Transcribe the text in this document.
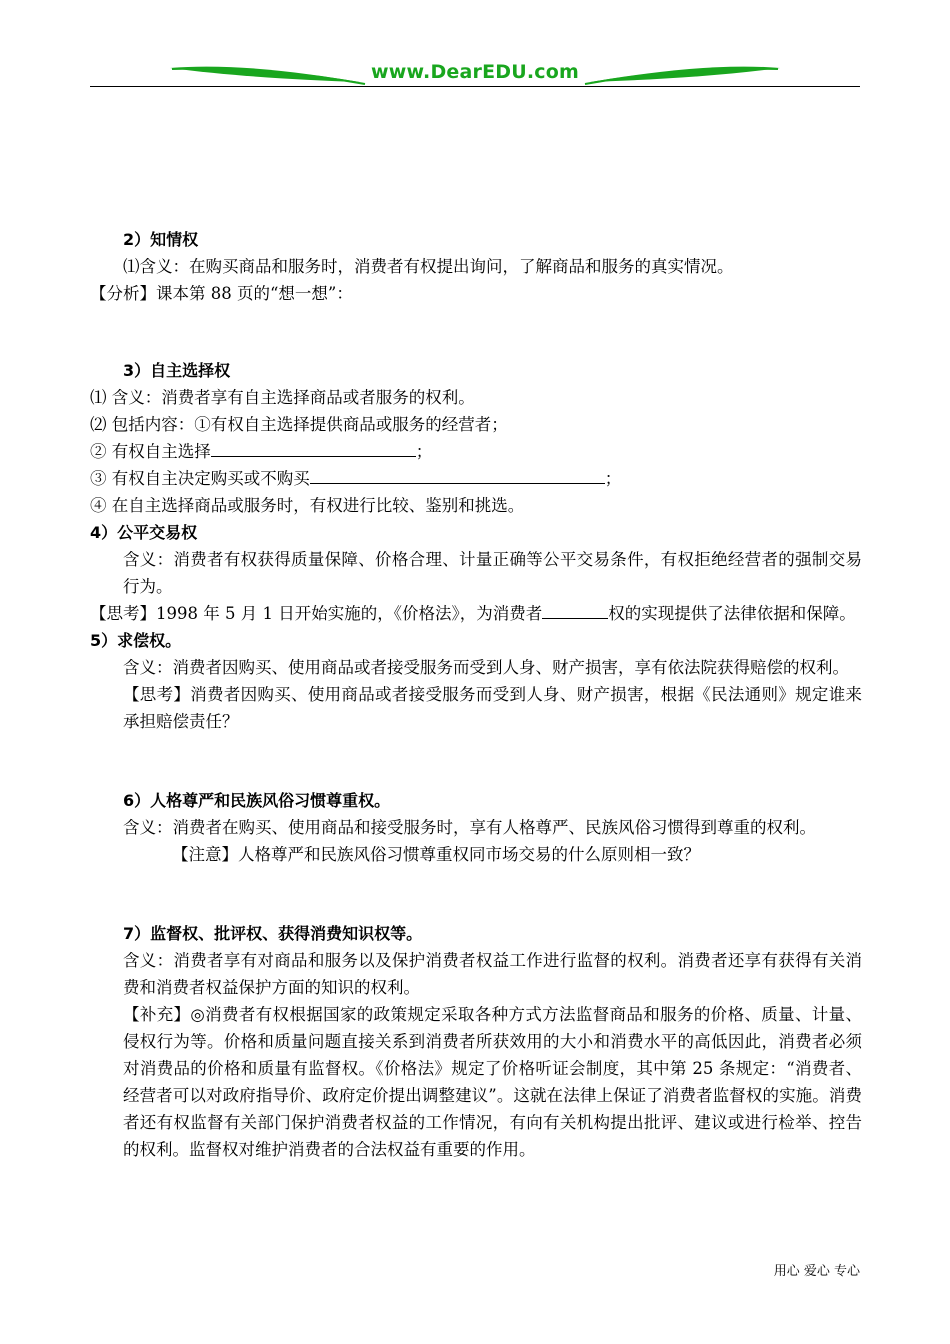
www.DearEDU.com

2）知情权

⑴含义：在购买商品和服务时，消费者有权提出询问，了解商品和服务的真实情况。

【分析】课本第 88 页的“想一想”：

3）自主选择权

⑴ 含义：消费者享有自主选择商品或者服务的权利。

⑵ 包括内容：①有权自主选择提供商品或服务的经营者；

② 有权自主选择	；

③ 有权自主决定购买或不购买	；

④ 在自主选择商品或服务时，有权进行比较、鉴别和挑选。

4）公平交易权

含义：消费者有权获得质量保障、价格合理、计量正确等公平交易条件，有权拒绝经营者的强制交易行为。

【思考】1998 年 5 月 1 日开始实施的，《价格法》，为消费者	权的实现提供了法律依据和保障。

5）求偿权。

含义：消费者因购买、使用商品或者接受服务而受到人身、财产损害，享有依法院获得赔偿的权利。

【思考】消费者因购买、使用商品或者接受服务而受到人身、财产损害，根据《民法通则》规定谁来承担赔偿责任？

6）人格尊严和民族风俗习惯尊重权。

含义：消费者在购买、使用商品和接受服务时，享有人格尊严、民族风俗习惯得到尊重的权利。

【注意】人格尊严和民族风俗习惯尊重权同市场交易的什么原则相一致？

7）监督权、批评权、获得消费知识权等。

含义：消费者享有对商品和服务以及保护消费者权益工作进行监督的权利。消费者还享有获得有关消费和消费者权益保护方面的知识的权利。

【补充】◎消费者有权根据国家的政策规定采取各种方式方法监督商品和服务的价格、质量、计量、侵权行为等。价格和质量问题直接关系到消费者所获效用的大小和消费水平的高低因此，消费者必须对消费品的价格和质量有监督权。《价格法》规定了价格听证会制度，其中第 25 条规定：“消费者、经营者可以对政府指导价、政府定价提出调整建议”。这就在法律上保证了消费者监督权的实施。消费者还有权监督有关部门保护消费者权益的工作情况，有向有关机构提出批评、建议或进行检举、控告的权利。监督权对维护消费者的合法权益有重要的作用。

用心 爱心 专心
